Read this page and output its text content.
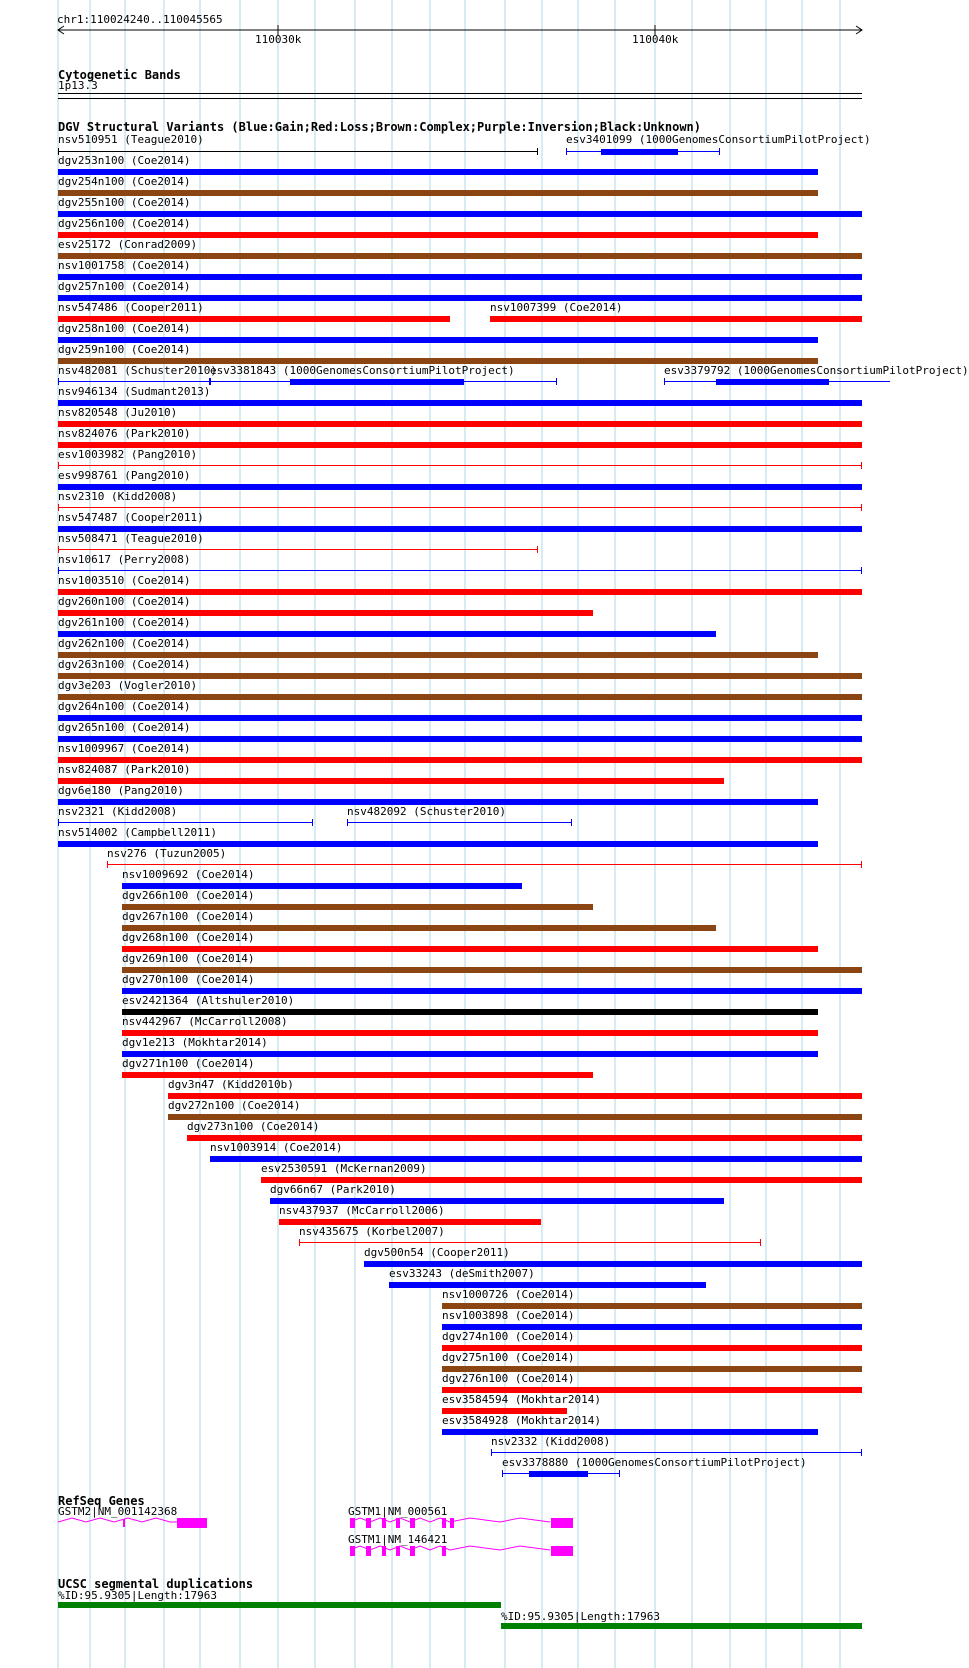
chr1:110024240..110045565
110030k	110040k
Cytogenetic Bands
1p13.3
DGV Structural Variants (Blue:Gain;Red:Loss;Brown:Complex;Purple:Inversion;Black:Unknown)
nsv510951 (Teague2010)	esv3401099 (1000GenomesConsortiumPilotProject)
dgv253n100 (Coe2014)
dgv254n100 (Coe2014)
dgv255n100 (Coe2014)
dgv256n100 (Coe2014)
esv25172 (Conrad2009)
nsv1001758 (Coe2014)
dgv257n100 (Coe2014)
nsv547486 (Cooper2011)	nsv1007399 (Coe2014)
dgv258n100 (Coe2014)
dgv259n100 (Coe2014)
nsv482081 (Schuster2010)
esv3381843 (1000GenomesConsortiumPilotProject)	esv3379792 (1000GenomesConsortiumPilotProject)
nsv946134 (Sudmant2013)
nsv820548 (Ju2010)
nsv824076 (Park2010)
esv1003982 (Pang2010)
esv998761 (Pang2010)
nsv2310 (Kidd2008)
nsv547487 (Cooper2011)
nsv508471 (Teague2010)
nsv10617 (Perry2008)
nsv1003510 (Coe2014)
dgv260n100 (Coe2014)
dgv261n100 (Coe2014)
dgv262n100 (Coe2014)
dgv263n100 (Coe2014)
dgv3e203 (Vogler2010)
dgv264n100 (Coe2014)
dgv265n100 (Coe2014)
nsv1009967 (Coe2014)
nsv824087 (Park2010)
dgv6e180 (Pang2010)
nsv2321 (Kidd2008)	nsv482092 (Schuster2010)
nsv514002 (Campbell2011)
nsv276 (Tuzun2005)
nsv1009692 (Coe2014)
dgv266n100 (Coe2014)
dgv267n100 (Coe2014)
dgv268n100 (Coe2014)
dgv269n100 (Coe2014)
dgv270n100 (Coe2014)
esv2421364 (Altshuler2010)
nsv442967 (McCarroll2008)
dgv1e213 (Mokhtar2014)
dgv271n100 (Coe2014)
dgv3n47 (Kidd2010b)
dgv272n100 (Coe2014)
dgv273n100 (Coe2014)
nsv1003914 (Coe2014)
esv2530591 (McKernan2009)
dgv66n67 (Park2010)
nsv437937 (McCarroll2006)
nsv435675 (Korbel2007)
dgv500n54 (Cooper2011)
esv33243 (deSmith2007)
nsv1000726 (Coe2014)
nsv1003898 (Coe2014)
dgv274n100 (Coe2014)
dgv275n100 (Coe2014)
dgv276n100 (Coe2014)
esv3584594 (Mokhtar2014)
esv3584928 (Mokhtar2014)
nsv2332 (Kidd2008)
esv3378880 (1000GenomesConsortiumPilotProject)
RefSeq Genes
GSTM2|NM_001142368	GSTM1|NM_000561
GSTM1|NM_146421
UCSC segmental duplications
%ID:95.9305|Length:17963
%ID:95.9305|Length:17963
